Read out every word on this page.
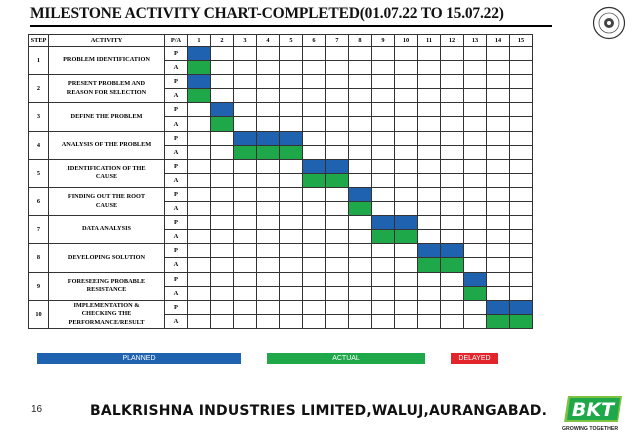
MILESTONE ACTIVITY CHART-COMPLETED(01.07.22 TO 15.07.22)
STEP	ACTIVITY	P/A	1	2	3	4	5	6	7	8	9	10	11	12	13	14	15
1	PROBLEM IDENTIFICATION	P															
		A															
2	PRESENT PROBLEM AND REASON FOR SELECTION	P															
		A															
3	DEFINE THE PROBLEM	P															
		A															
4	ANALYSIS OF THE PROBLEM	P															
		A															
5	IDENTIFICATION OF THE CAUSE	P															
		A															
6	FINDING OUT THE ROOT CAUSE	P															
		A															
7	DATA ANALYSIS	P															
		A															
8	DEVELOPING SOLUTION	P															
		A															
9	FORESEEING PROBABLE RESISTANCE	P															
		A															
10	IMPLEMENTATION & CHECKING THE PERFORMANCE/RESULT	P															
		A															
PLANNED	ACTUAL	DELAYED
16	BALKRISHNA INDUSTRIES LIMITED,WALUJ,AURANGABAD. BKT
GROWING TOGETHER
